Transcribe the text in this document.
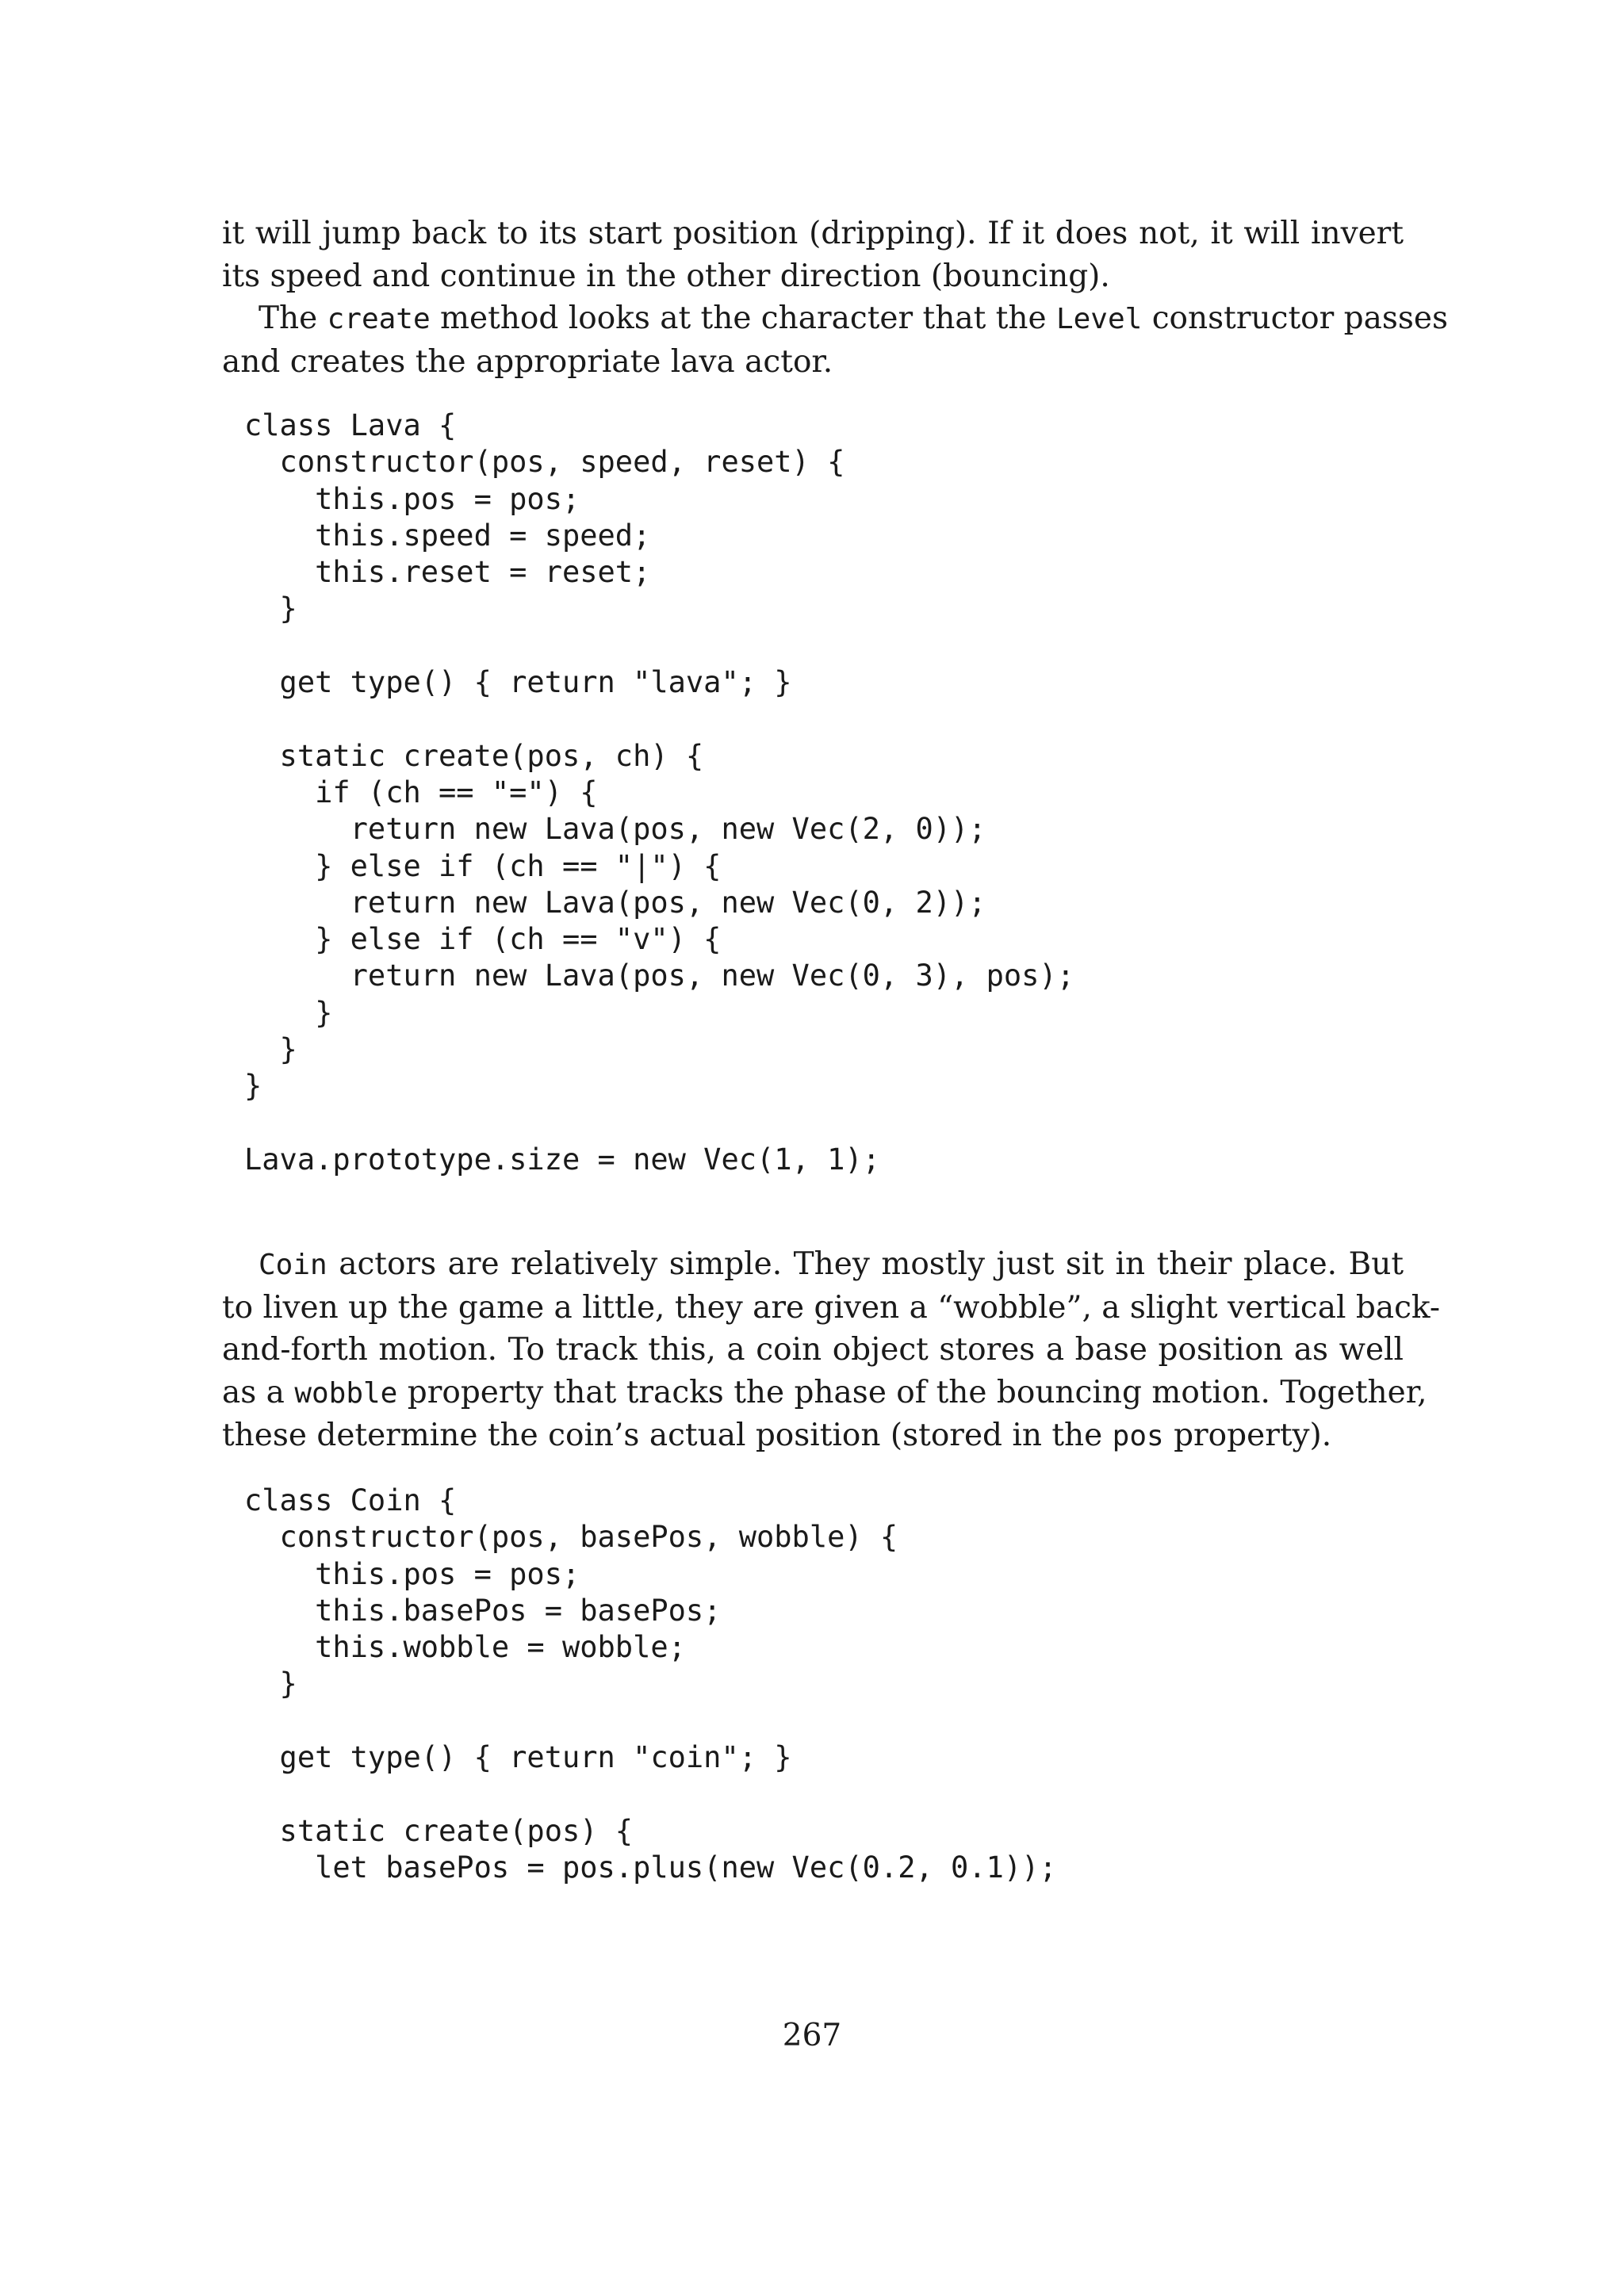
it will jump back to its start position (dripping). If it does not, it will invert
its speed and continue in the other direction (bouncing).
The create method looks at the character that the Level constructor passes
and creates the appropriate lava actor.
class Lava {
constructor(pos, speed, reset) {
this.pos = pos;
this.speed = speed;
this.reset = reset;
}
get type() { return "lava"; }
static create(pos, ch) {
if (ch == "=") {
return new Lava(pos, new Vec(2, 0));
} else if (ch == "|") {
return new Lava(pos, new Vec(0, 2));
} else if (ch == "v") {
return new Lava(pos, new Vec(0, 3), pos);
}
}
}
Lava.prototype.size = new Vec(1, 1);
Coin actors are relatively simple. They mostly just sit in their place. But
to liven up the game a little, they are given a “wobble”, a slight vertical back-
and-forth motion. To track this, a coin object stores a base position as well
as a wobble property that tracks the phase of the bouncing motion. Together,
these determine the coin’s actual position (stored in the pos property).
class Coin {
constructor(pos, basePos, wobble) {
this.pos = pos;
this.basePos = basePos;
this.wobble = wobble;
}
get type() { return "coin"; }
static create(pos) {
let basePos = pos.plus(new Vec(0.2, 0.1));
267
